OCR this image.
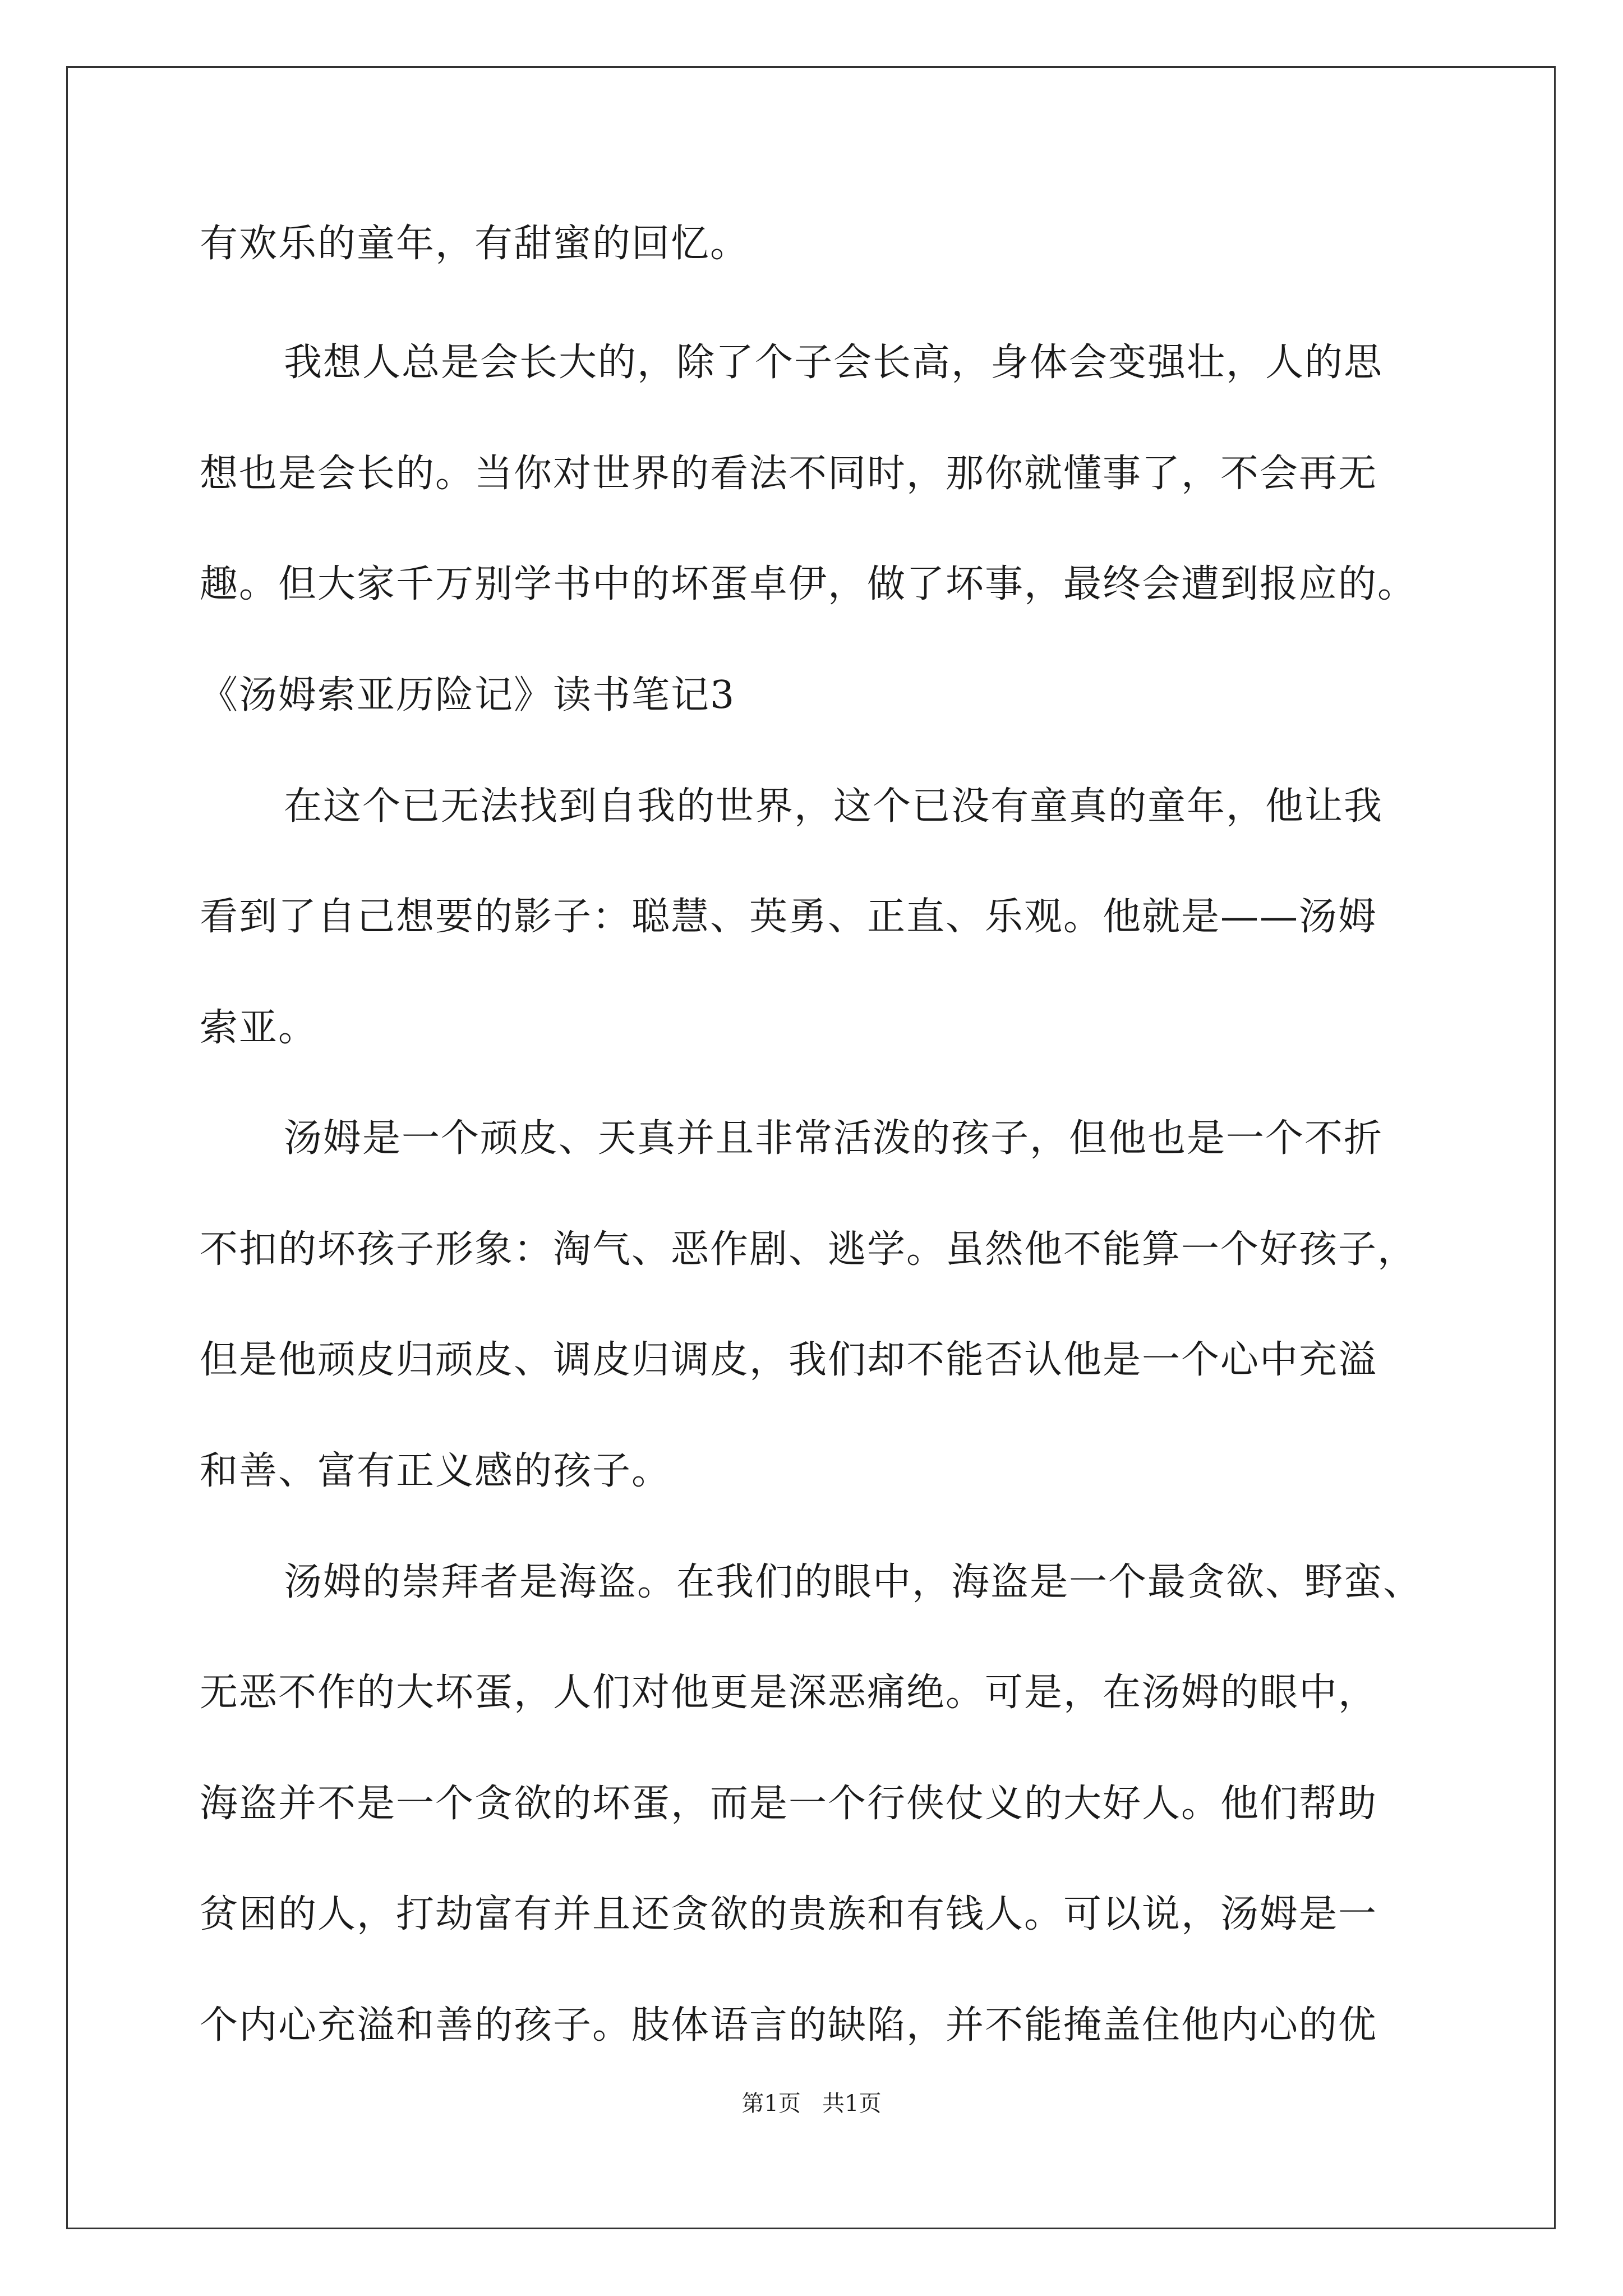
有欢乐的童年，有甜蜜的回忆。
我想人总是会长大的，除了个子会长高，身体会变强壮，人的思
想也是会长的。当你对世界的看法不同时，那你就懂事了，不会再无
趣。但大家千万别学书中的坏蛋卓伊，做了坏事，最终会遭到报应的。
《汤姆索亚历险记》读书笔记3
在这个已无法找到自我的世界，这个已没有童真的童年，他让我
看到了自己想要的影子：聪慧、英勇、正直、乐观。他就是——汤姆
索亚。
汤姆是一个顽皮、天真并且非常活泼的孩子，但他也是一个不折
不扣的坏孩子形象：淘气、恶作剧、逃学。虽然他不能算一个好孩子，
但是他顽皮归顽皮、调皮归调皮，我们却不能否认他是一个心中充溢
和善、富有正义感的孩子。
汤姆的崇拜者是海盗。在我们的眼中，海盗是一个最贪欲、野蛮、
无恶不作的大坏蛋，人们对他更是深恶痛绝。可是，在汤姆的眼中，
海盗并不是一个贪欲的坏蛋，而是一个行侠仗义的大好人。他们帮助
贫困的人，打劫富有并且还贪欲的贵族和有钱人。可以说，汤姆是一
个内心充溢和善的孩子。肢体语言的缺陷，并不能掩盖住他内心的优
第1页   共1页
